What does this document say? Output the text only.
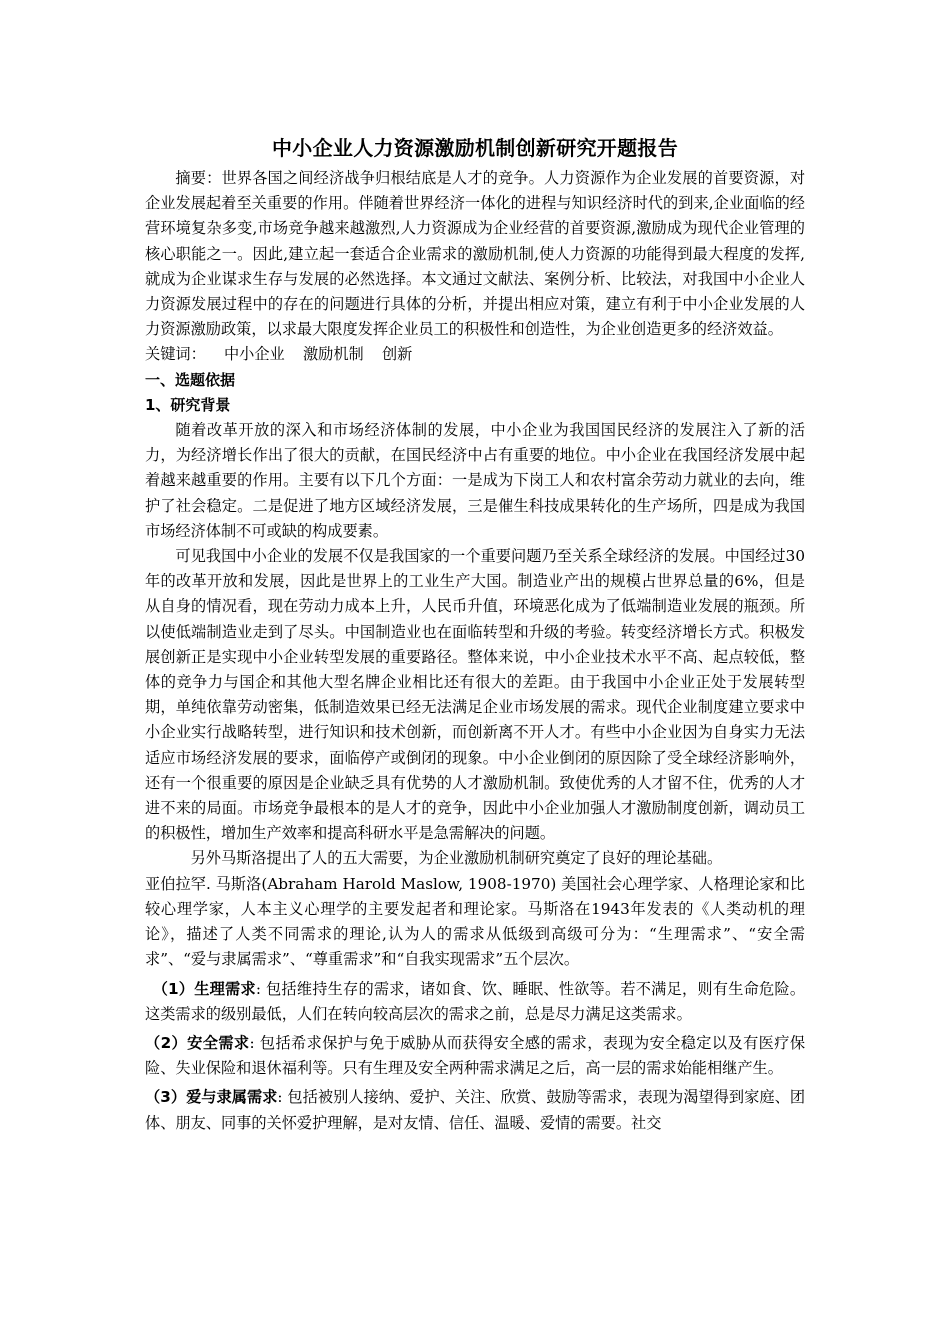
中小企业人力资源激励机制创新研究开题报告

摘要：世界各国之间经济战争归根结底是人才的竞争。人力资源作为企业发展的首要资源，对企业发展起着至关重要的作用。伴随着世界经济一体化的进程与知识经济时代的到来,企业面临的经营环境复杂多变,市场竞争越来越激烈,人力资源成为企业经营的首要资源,激励成为现代企业管理的核心职能之一。因此,建立起一套适合企业需求的激励机制,使人力资源的功能得到最大程度的发挥,就成为企业谋求生存与发展的必然选择。本文通过文献法、案例分析、比较法，对我国中小企业人力资源发展过程中的存在的问题进行具体的分析，并提出相应对策，建立有利于中小企业发展的人力资源激励政策，以求最大限度发挥企业员工的积极性和创造性，为企业创造更多的经济效益。

关键词： 中小企业 激励机制 创新

一、选题依据

1、研究背景

随着改革开放的深入和市场经济体制的发展，中小企业为我国国民经济的发展注入了新的活力，为经济增长作出了很大的贡献，在国民经济中占有重要的地位。中小企业在我国经济发展中起着越来越重要的作用。主要有以下几个方面：一是成为下岗工人和农村富余劳动力就业的去向，维护了社会稳定。二是促进了地方区域经济发展，三是催生科技成果转化的生产场所，四是成为我国市场经济体制不可或缺的构成要素。

可见我国中小企业的发展不仅是我国家的一个重要问题乃至关系全球经济的发展。中国经过30年的改革开放和发展，因此是世界上的工业生产大国。制造业产出的规模占世界总量的6%，但是从自身的情况看，现在劳动力成本上升，人民币升值，环境恶化成为了低端制造业发展的瓶颈。所以使低端制造业走到了尽头。中国制造业也在面临转型和升级的考验。转变经济增长方式。积极发展创新正是实现中小企业转型发展的重要路径。整体来说，中小企业技术水平不高、起点较低，整体的竞争力与国企和其他大型名牌企业相比还有很大的差距。由于我国中小企业正处于发展转型期，单纯依靠劳动密集，低制造效果已经无法满足企业市场发展的需求。现代企业制度建立要求中小企业实行战略转型，进行知识和技术创新，而创新离不开人才。有些中小企业因为自身实力无法适应市场经济发展的要求，面临停产或倒闭的现象。中小企业倒闭的原因除了受全球经济影响外，还有一个很重要的原因是企业缺乏具有优势的人才激励机制。致使优秀的人才留不住，优秀的人才进不来的局面。市场竞争最根本的是人才的竞争，因此中小企业加强人才激励制度创新，调动员工的积极性，增加生产效率和提高科研水平是急需解决的问题。

另外马斯洛提出了人的五大需要，为企业激励机制研究奠定了良好的理论基础。

亚伯拉罕. 马斯洛(Abraham Harold Maslow, 1908-1970) 美国社会心理学家、人格理论家和比较心理学家，人本主义心理学的主要发起者和理论家。马斯洛在1943年发表的《人类动机的理论》，描述了人类不同需求的理论,认为人的需求从低级到高级可分为：“生理需求”、“安全需求”、“爱与隶属需求”、“尊重需求”和“自我实现需求”五个层次。

（1）生理需求: 包括维持生存的需求，诸如食、饮、睡眠、性欲等。若不满足，则有生命危险。这类需求的级别最低，人们在转向较高层次的需求之前，总是尽力满足这类需求。

（2）安全需求: 包括希求保护与免于威胁从而获得安全感的需求，表现为安全稳定以及有医疗保险、失业保险和退休福利等。只有生理及安全两种需求满足之后，高一层的需求始能相继产生。

（3）爱与隶属需求: 包括被别人接纳、爱护、关注、欣赏、鼓励等需求，表现为渴望得到家庭、团体、朋友、同事的关怀爱护理解，是对友情、信任、温暖、爱情的需要。社交
